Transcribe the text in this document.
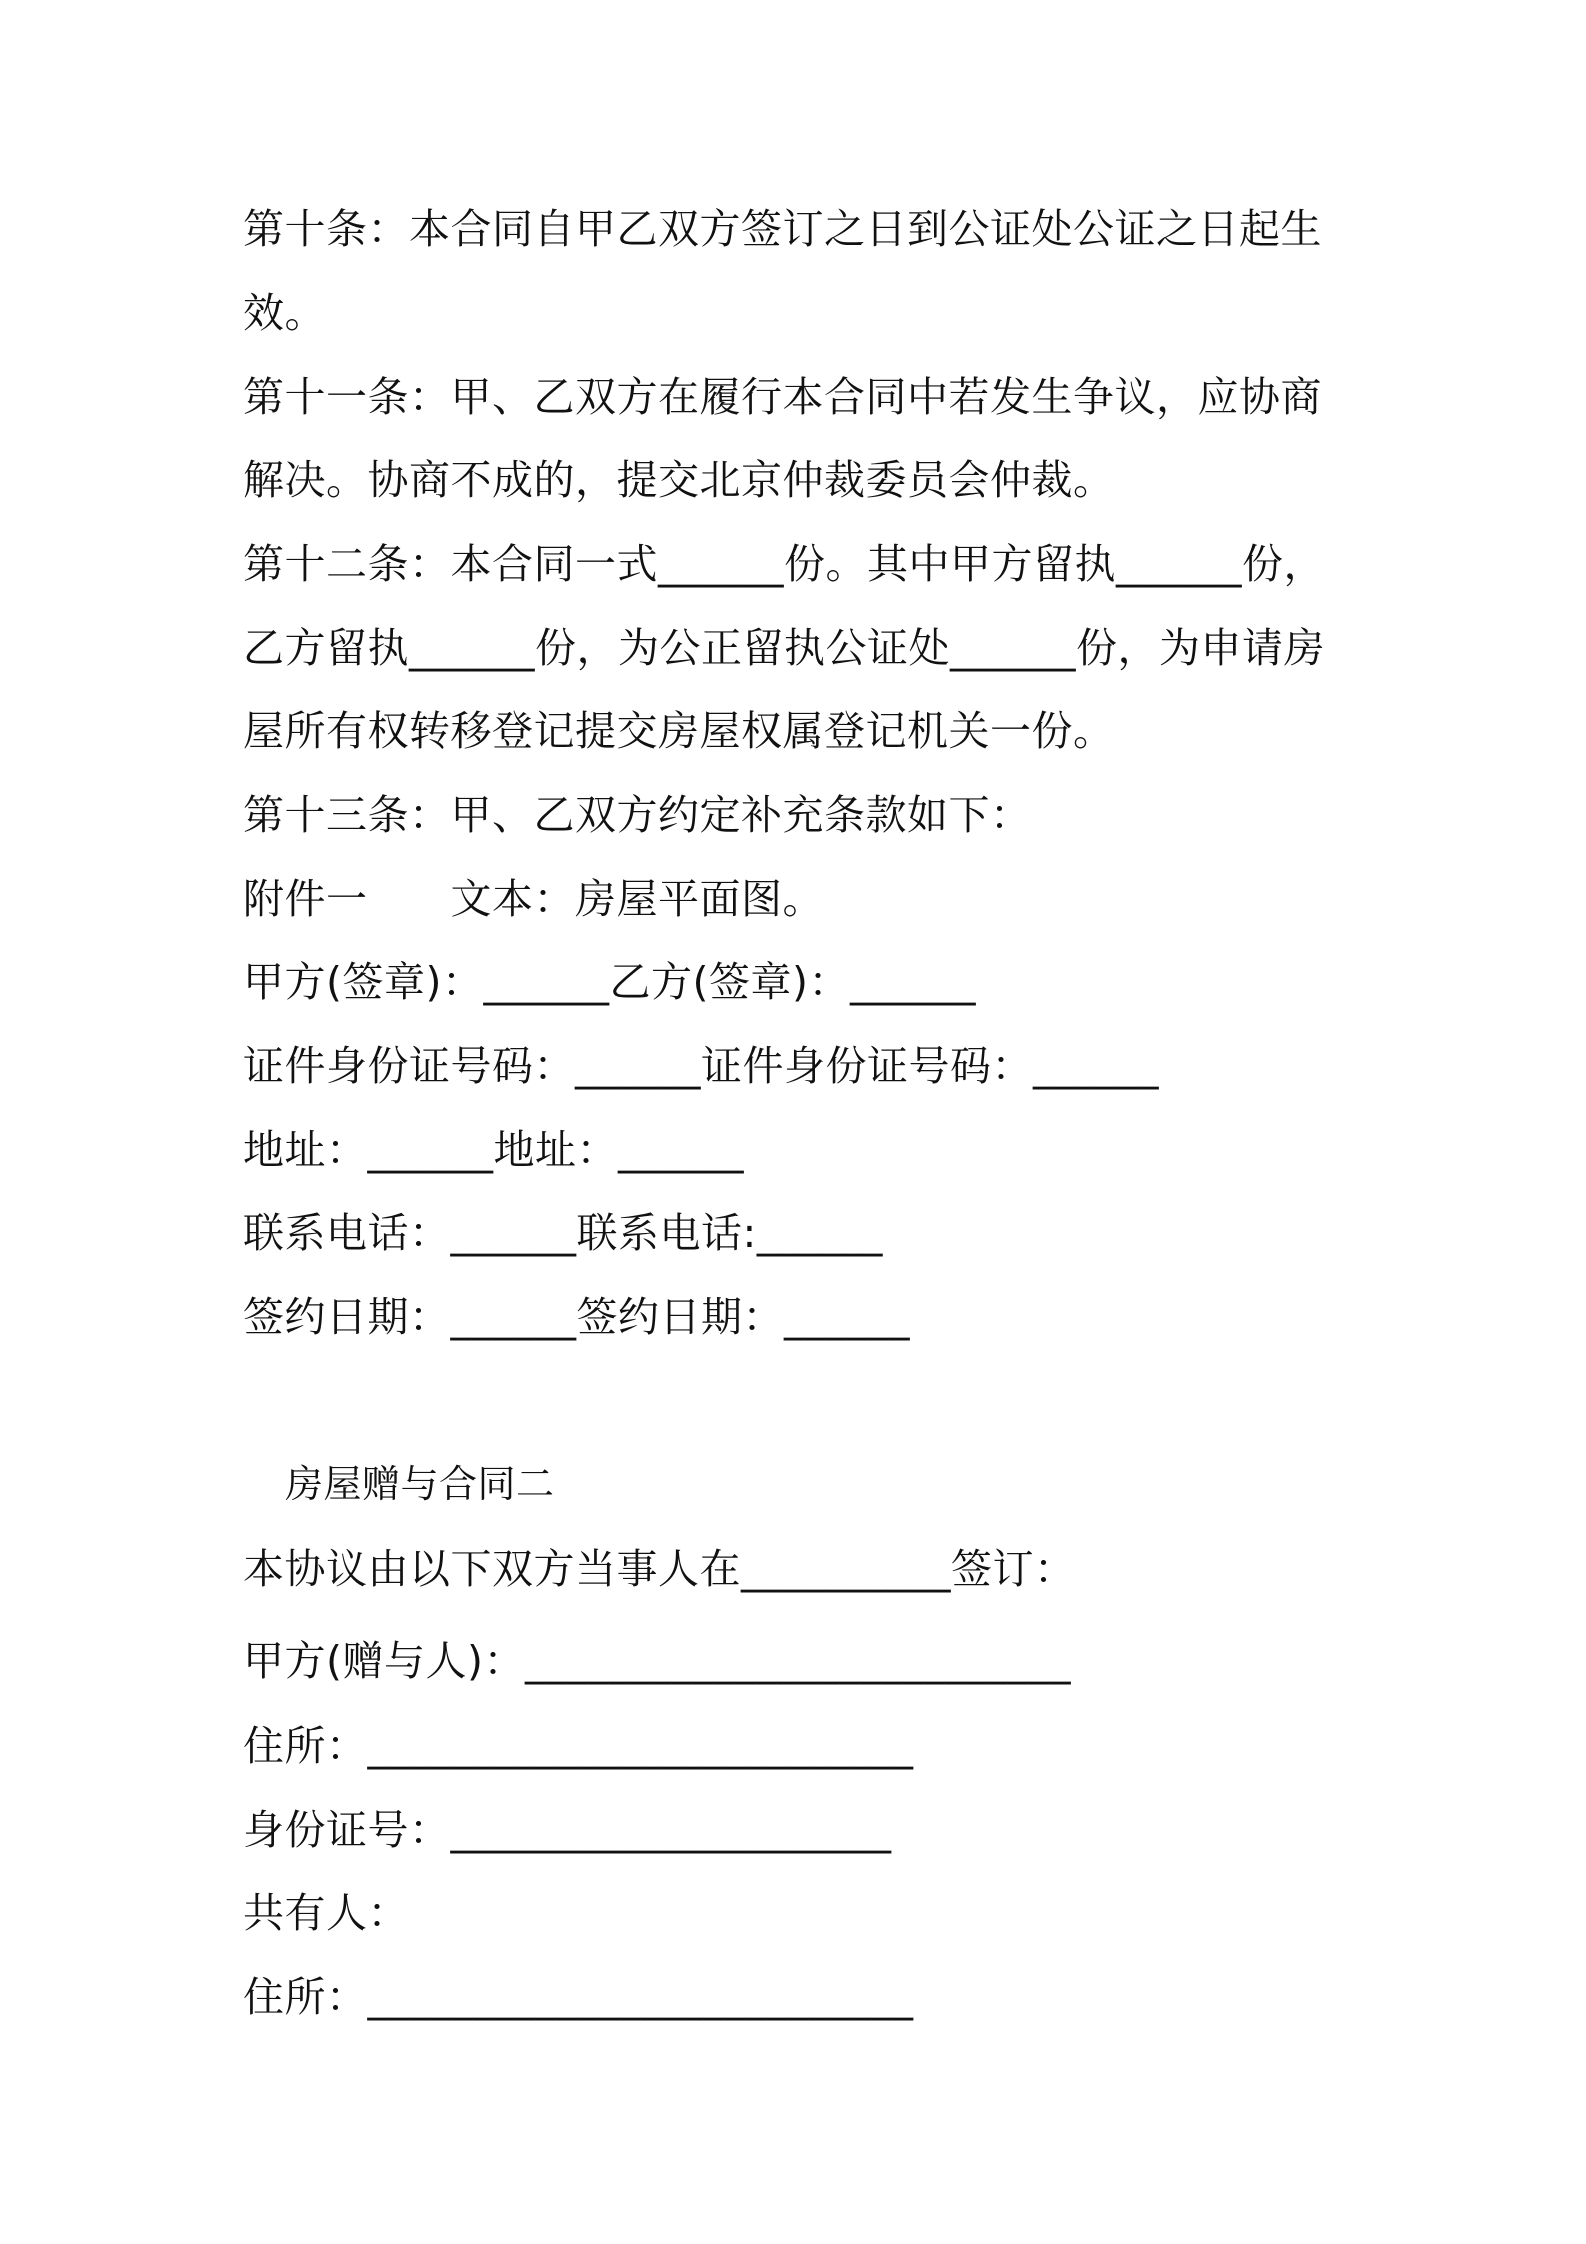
第十条：本合同自甲乙双方签订之日到公证处公证之日起生
效。
第十一条：甲、乙双方在履行本合同中若发生争议，应协商
解决。协商不成的，提交北京仲裁委员会仲裁。
第十二条：本合同一式______份。其中甲方留执______份，
乙方留执______份，为公正留执公证处______份，为申请房
屋所有权转移登记提交房屋权属登记机关一份。
第十三条：甲、乙双方约定补充条款如下：
附件一　　文本：房屋平面图。
甲方(签章)：______乙方(签章)：______
证件身份证号码：______证件身份证号码：______
地址：______地址：______
联系电话：______联系电话:______
签约日期：______签约日期：______
房屋赠与合同二
本协议由以下双方当事人在__________签订：
甲方(赠与人)：__________________________
住所：__________________________
身份证号：_____________________
共有人：
住所：__________________________
